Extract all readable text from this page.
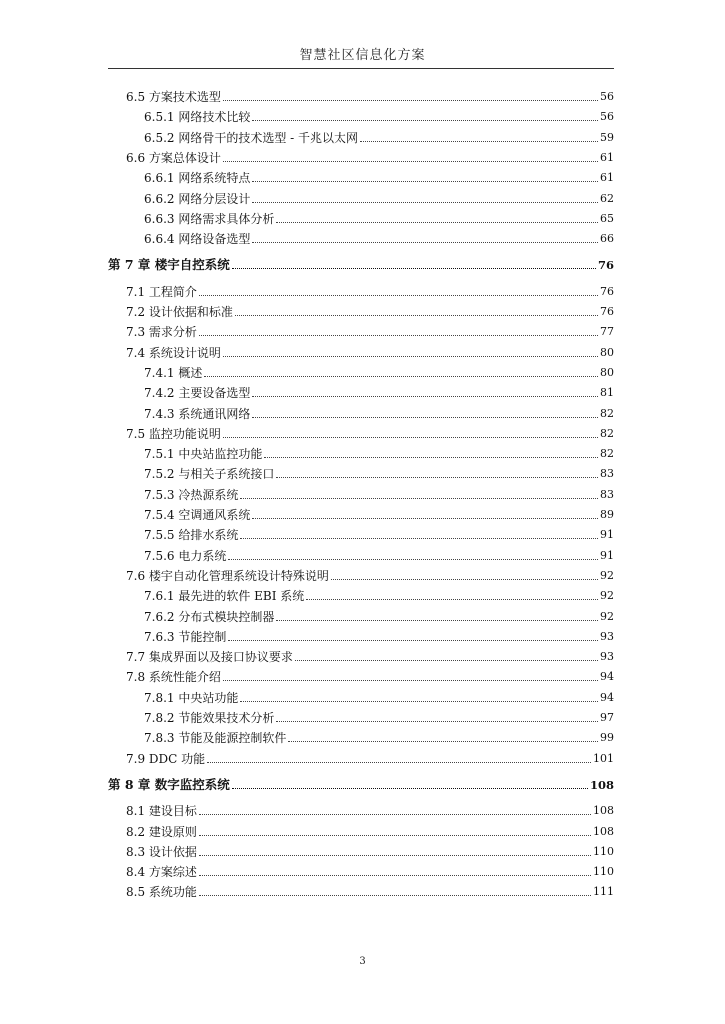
智慧社区信息化方案
6.5 方案技术选型	56
6.5.1 网络技术比较	56
6.5.2 网络骨干的技术选型 - 千兆以太网	59
6.6 方案总体设计	61
6.6.1 网络系统特点	61
6.6.2 网络分层设计	62
6.6.3 网络需求具体分析	65
6.6.4 网络设备选型	66
第 7 章 楼宇自控系统	76
7.1 工程简介	76
7.2 设计依据和标准	76
7.3 需求分析	77
7.4 系统设计说明	80
7.4.1 概述	80
7.4.2 主要设备选型	81
7.4.3 系统通讯网络	82
7.5 监控功能说明	82
7.5.1 中央站监控功能	82
7.5.2 与相关子系统接口	83
7.5.3 冷热源系统	83
7.5.4 空调通风系统	89
7.5.5 给排水系统	91
7.5.6 电力系统	91
7.6 楼宇自动化管理系统设计特殊说明	92
7.6.1 最先进的软件 EBI 系统	92
7.6.2 分布式模块控制器	92
7.6.3 节能控制	93
7.7 集成界面以及接口协议要求	93
7.8 系统性能介绍	94
7.8.1 中央站功能	94
7.8.2 节能效果技术分析	97
7.8.3 节能及能源控制软件	99
7.9 DDC 功能	101
第 8 章 数字监控系统	108
8.1 建设目标	108
8.2 建设原则	108
8.3 设计依据	110
8.4 方案综述	110
8.5 系统功能	111
3
